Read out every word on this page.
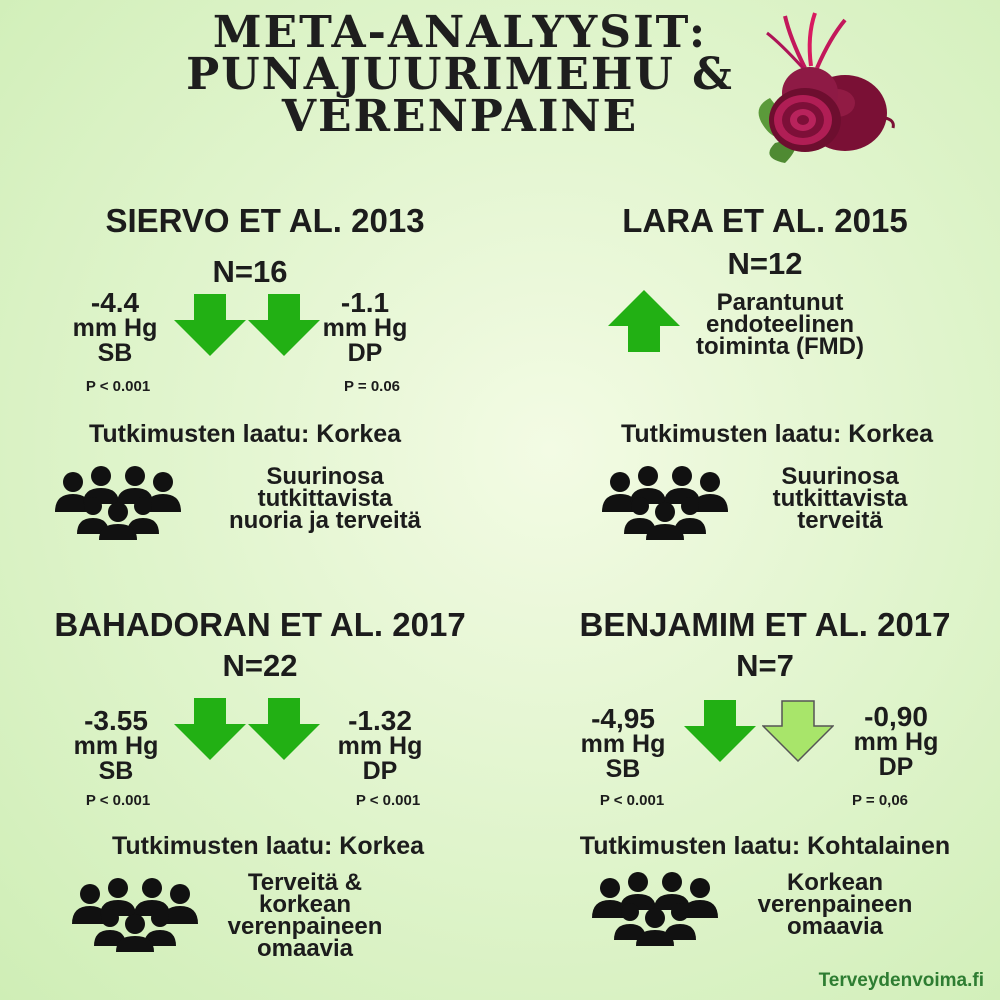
META-ANALYYSIT:
PUNAJUURIMEHU &
VERENPAINE
SIERVO ET AL. 2013
N=16
-4.4
mm Hg
SB
P < 0.001
-1.1
mm Hg
DP
P = 0.06
Tutkimusten laatu: Korkea
Suurinosa
tutkittavista
nuoria ja terveitä
LARA ET AL. 2015
N=12
Parantunut
endoteelinen
toiminta (FMD)
Tutkimusten laatu: Korkea
Suurinosa
tutkittavista
terveitä
BAHADORAN ET AL. 2017
N=22
-3.55
mm Hg
SB
P < 0.001
-1.32
mm Hg
DP
P < 0.001
Tutkimusten laatu: Korkea
Terveitä &
korkean
verenpaineen
omaavia
BENJAMIM ET AL. 2017
N=7
-4,95
mm Hg
SB
P < 0.001
-0,90
mm Hg
DP
P = 0,06
Tutkimusten laatu: Kohtalainen
Korkean
verenpaineen
omaavia
Terveydenvoima.fi
